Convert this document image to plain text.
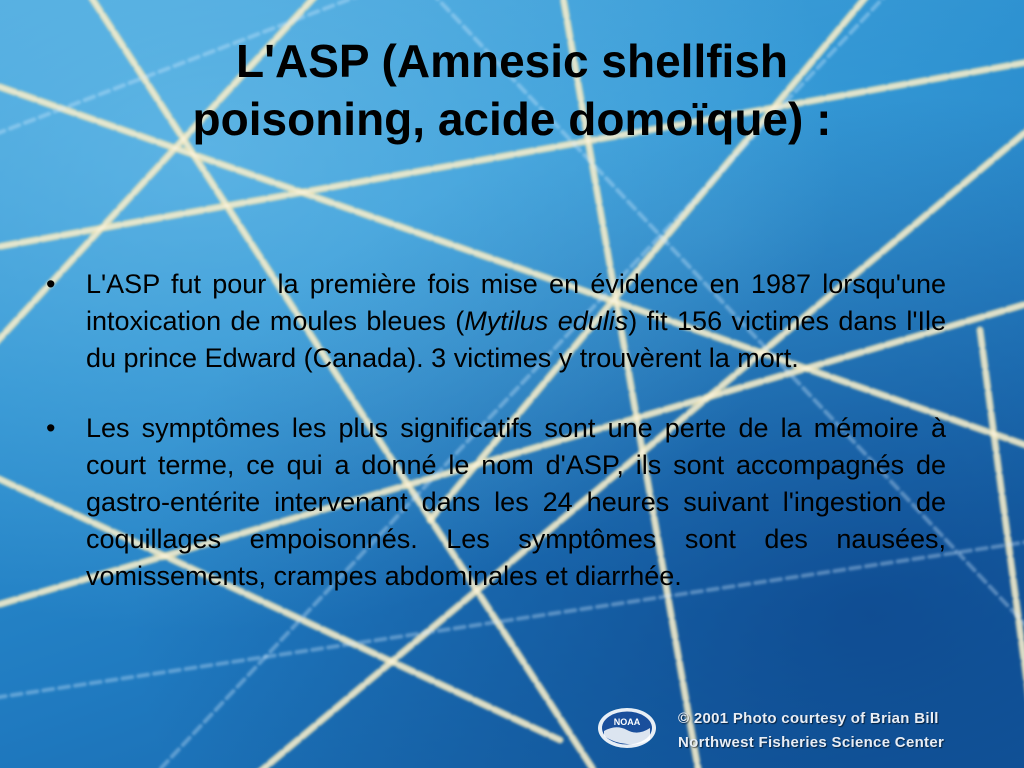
L'ASP (Amnesic shellfish
poisoning, acide domoïque) :
• L'ASP fut pour la première fois mise en évidence en 1987 lorsqu'une intoxication de moules bleues (Mytilus edulis) fit 156 victimes dans l'Ile du prince Edward (Canada). 3 victimes y trouvèrent la mort.
• Les symptômes les plus significatifs sont une perte de la mémoire à court terme, ce qui a donné le nom d'ASP, ils sont accompagnés de gastro-entérite intervenant dans les 24 heures suivant l'ingestion de coquillages empoisonnés. Les symptômes sont des nausées, vomissements, crampes abdominales et diarrhée.
NOAA	© 2001 Photo courtesy of Brian Bill
Northwest Fisheries Science Center
